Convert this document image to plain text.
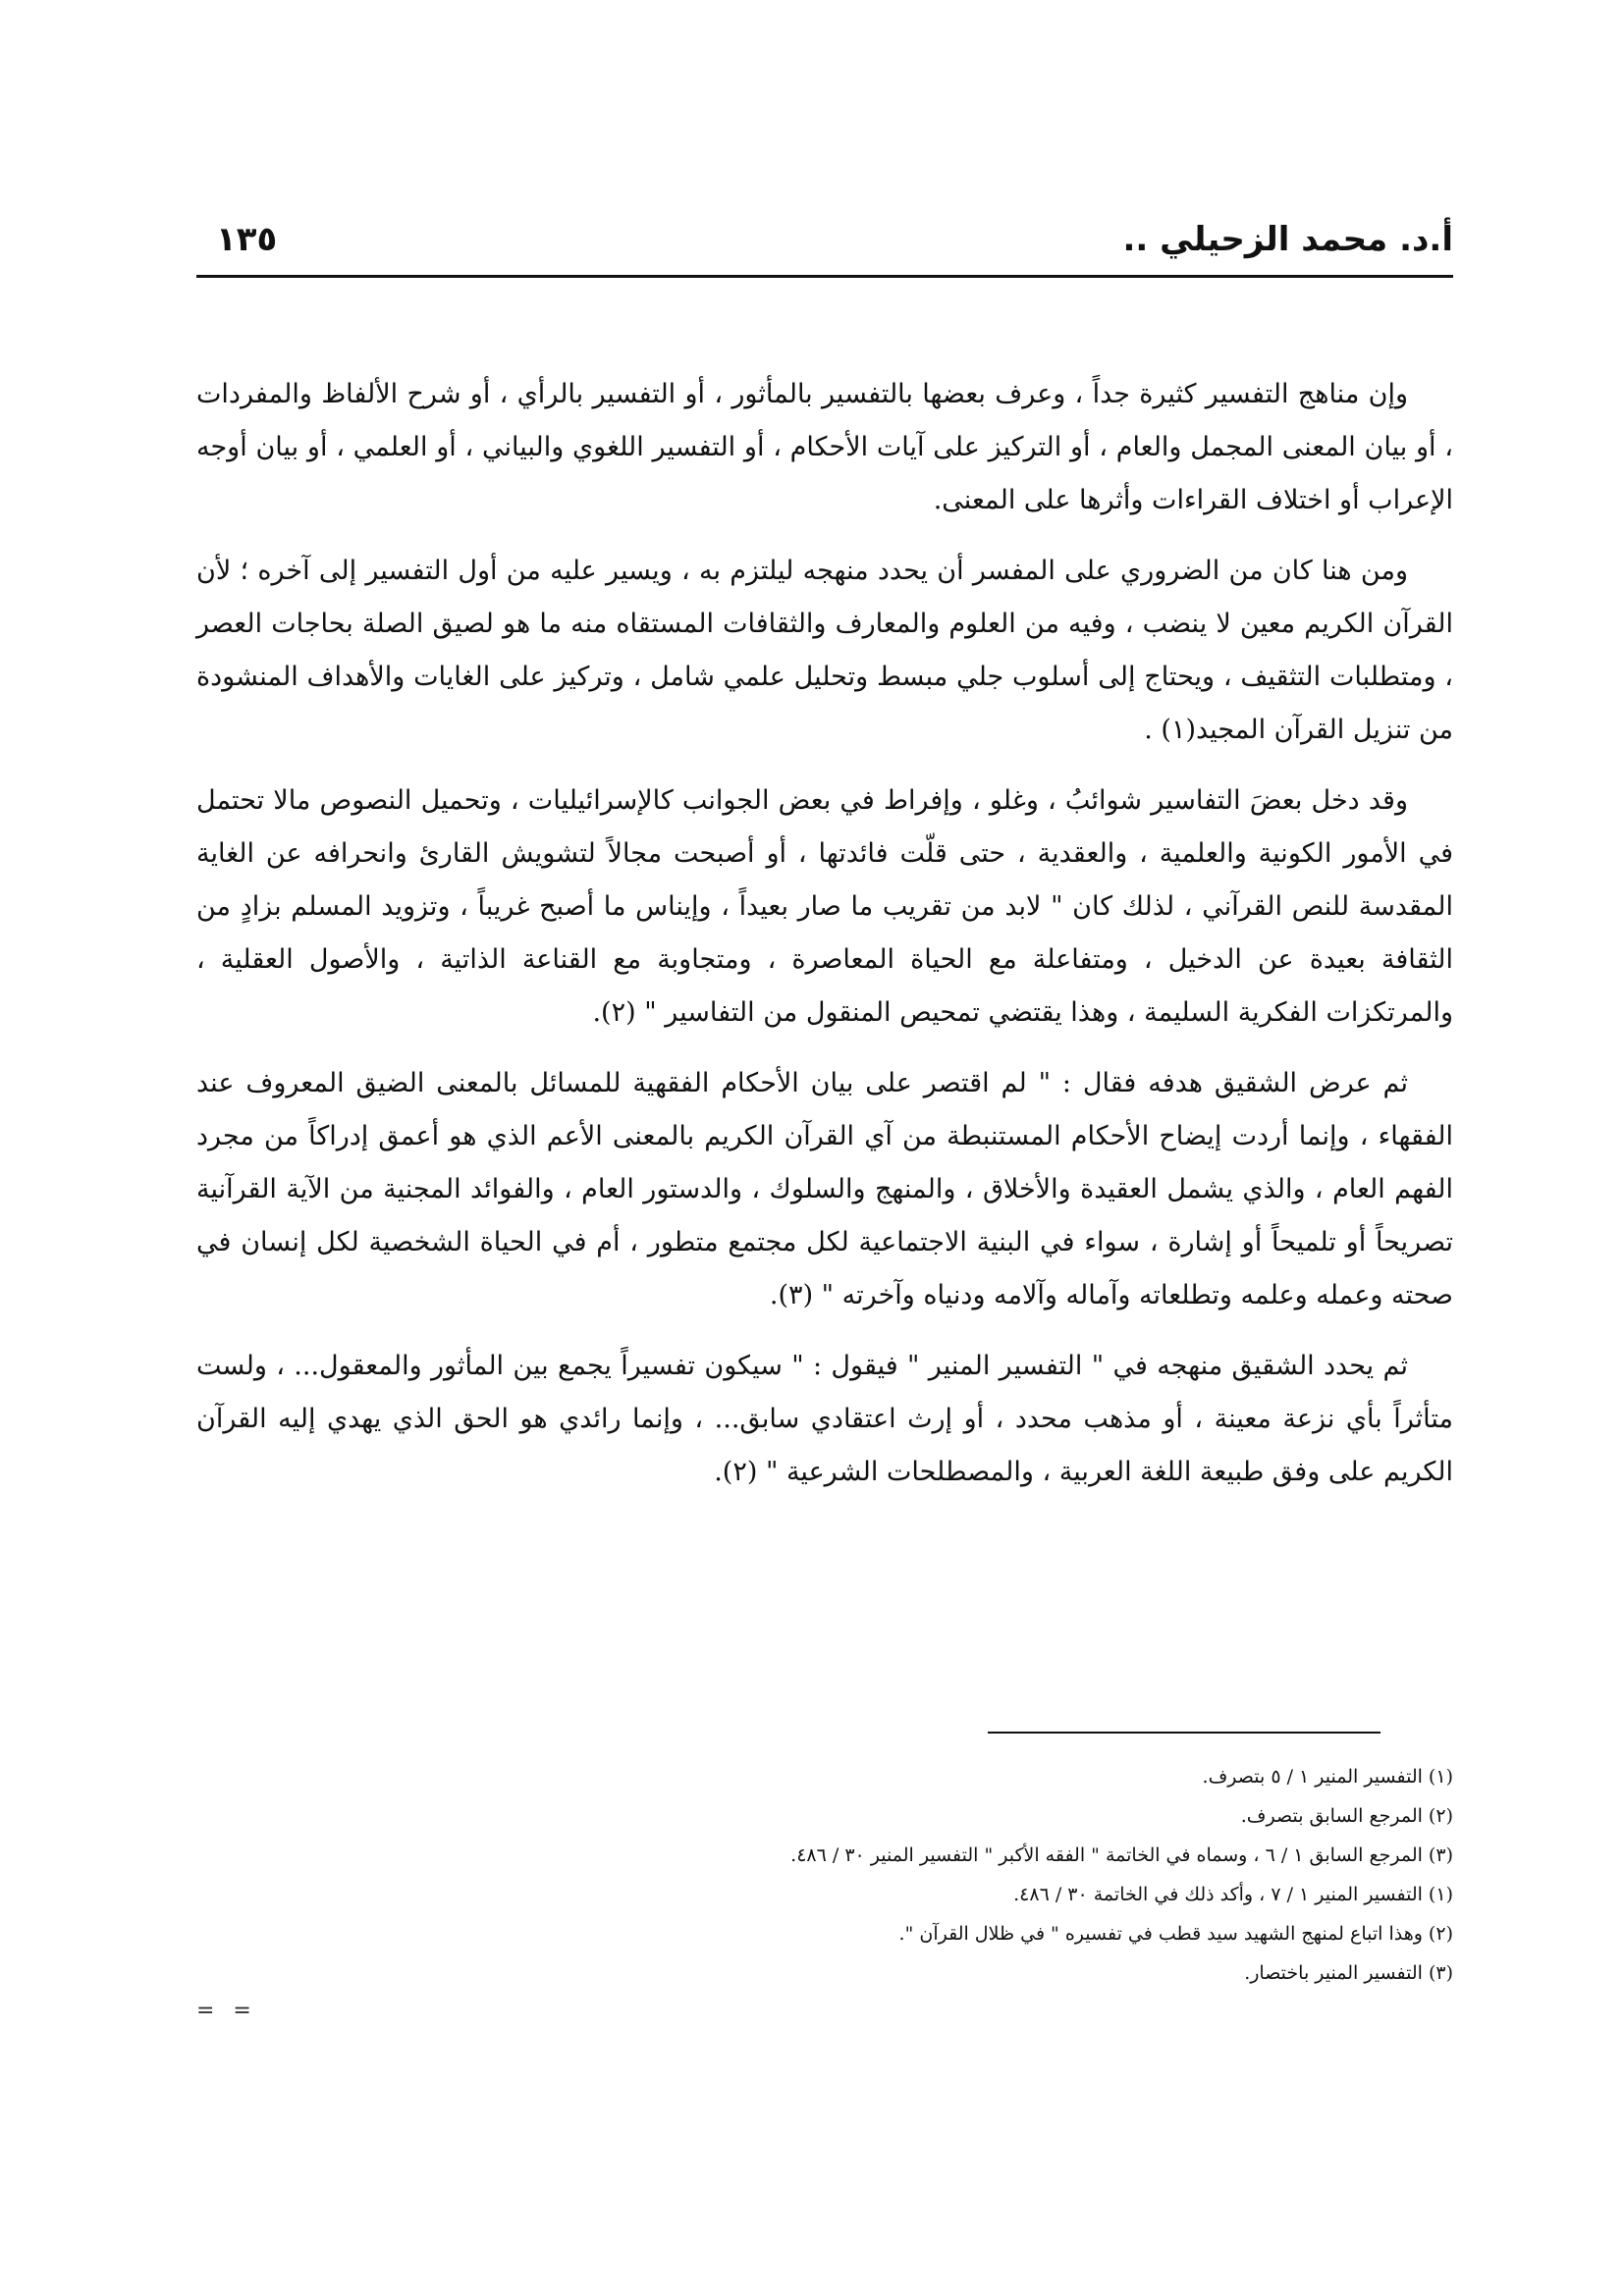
أ.د. محمد الزحيلي ..
١٣٥

وإن مناهج التفسير كثيرة جداً ، وعرف بعضها بالتفسير بالمأثور ، أو التفسير بالرأي ، أو شرح الألفاظ والمفردات ، أو بيان المعنى المجمل والعام ، أو التركيز على آيات الأحكام ، أو التفسير اللغوي والبياني ، أو العلمي ، أو بيان أوجه الإعراب أو اختلاف القراءات وأثرها على المعنى.

ومن هنا كان من الضروري على المفسر أن يحدد منهجه ليلتزم به ، ويسير عليه من أول التفسير إلى آخره ؛ لأن القرآن الكريم معين لا ينضب ، وفيه من العلوم والمعارف والثقافات المستقاه منه ما هو لصيق الصلة بحاجات العصر ، ومتطلبات التثقيف ، ويحتاج إلى أسلوب جلي مبسط وتحليل علمي شامل ، وتركيز على الغايات والأهداف المنشودة من تنزيل القرآن المجيد(١) .

وقد دخل بعضَ التفاسير شوائبُ ، وغلو ، وإفراط في بعض الجوانب كالإسرائيليات ، وتحميل النصوص مالا تحتمل في الأمور الكونية والعلمية ، والعقدية ، حتى قلّت فائدتها ، أو أصبحت مجالاً لتشويش القارئ وانحرافه عن الغاية المقدسة للنص القرآني ، لذلك كان " لابد من تقريب ما صار بعيداً ، وإيناس ما أصبح غريباً ، وتزويد المسلم بزادٍ من الثقافة بعيدة عن الدخيل ، ومتفاعلة مع الحياة المعاصرة ، ومتجاوبة مع القناعة الذاتية ، والأصول العقلية ، والمرتكزات الفكرية السليمة ، وهذا يقتضي تمحيص المنقول من التفاسير " (٢).

ثم عرض الشقيق هدفه فقال : " لم اقتصر على بيان الأحكام الفقهية للمسائل بالمعنى الضيق المعروف عند الفقهاء ، وإنما أردت إيضاح الأحكام المستنبطة من آي القرآن الكريم بالمعنى الأعم الذي هو أعمق إدراكاً من مجرد الفهم العام ، والذي يشمل العقيدة والأخلاق ، والمنهج والسلوك ، والدستور العام ، والفوائد المجنية من الآية القرآنية تصريحاً أو تلميحاً أو إشارة ، سواء في البنية الاجتماعية لكل مجتمع متطور ، أم في الحياة الشخصية لكل إنسان في صحته وعمله وعلمه وتطلعاته وآماله وآلامه ودنياه وآخرته " (٣).

ثم يحدد الشقيق منهجه في " التفسير المنير " فيقول : " سيكون تفسيراً يجمع بين المأثور والمعقول... ، ولست متأثراً بأي نزعة معينة ، أو مذهب محدد ، أو إرث اعتقادي سابق... ، وإنما رائدي هو الحق الذي يهدي إليه القرآن الكريم على وفق طبيعة اللغة العربية ، والمصطلحات الشرعية " (٢).

(١) التفسير المنير ١ / ٥ بتصرف.
(٢) المرجع السابق بتصرف.
(٣) المرجع السابق ١ / ٦ ، وسماه في الخاتمة " الفقه الأكبر " التفسير المنير ٣٠ / ٤٨٦.
(١) التفسير المنير ١ / ٧ ، وأكد ذلك في الخاتمة ٣٠ / ٤٨٦.
(٢) وهذا اتباع لمنهج الشهيد سيد قطب في تفسيره " في ظلال القرآن ".
(٣) التفسير المنير باختصار.
= =
